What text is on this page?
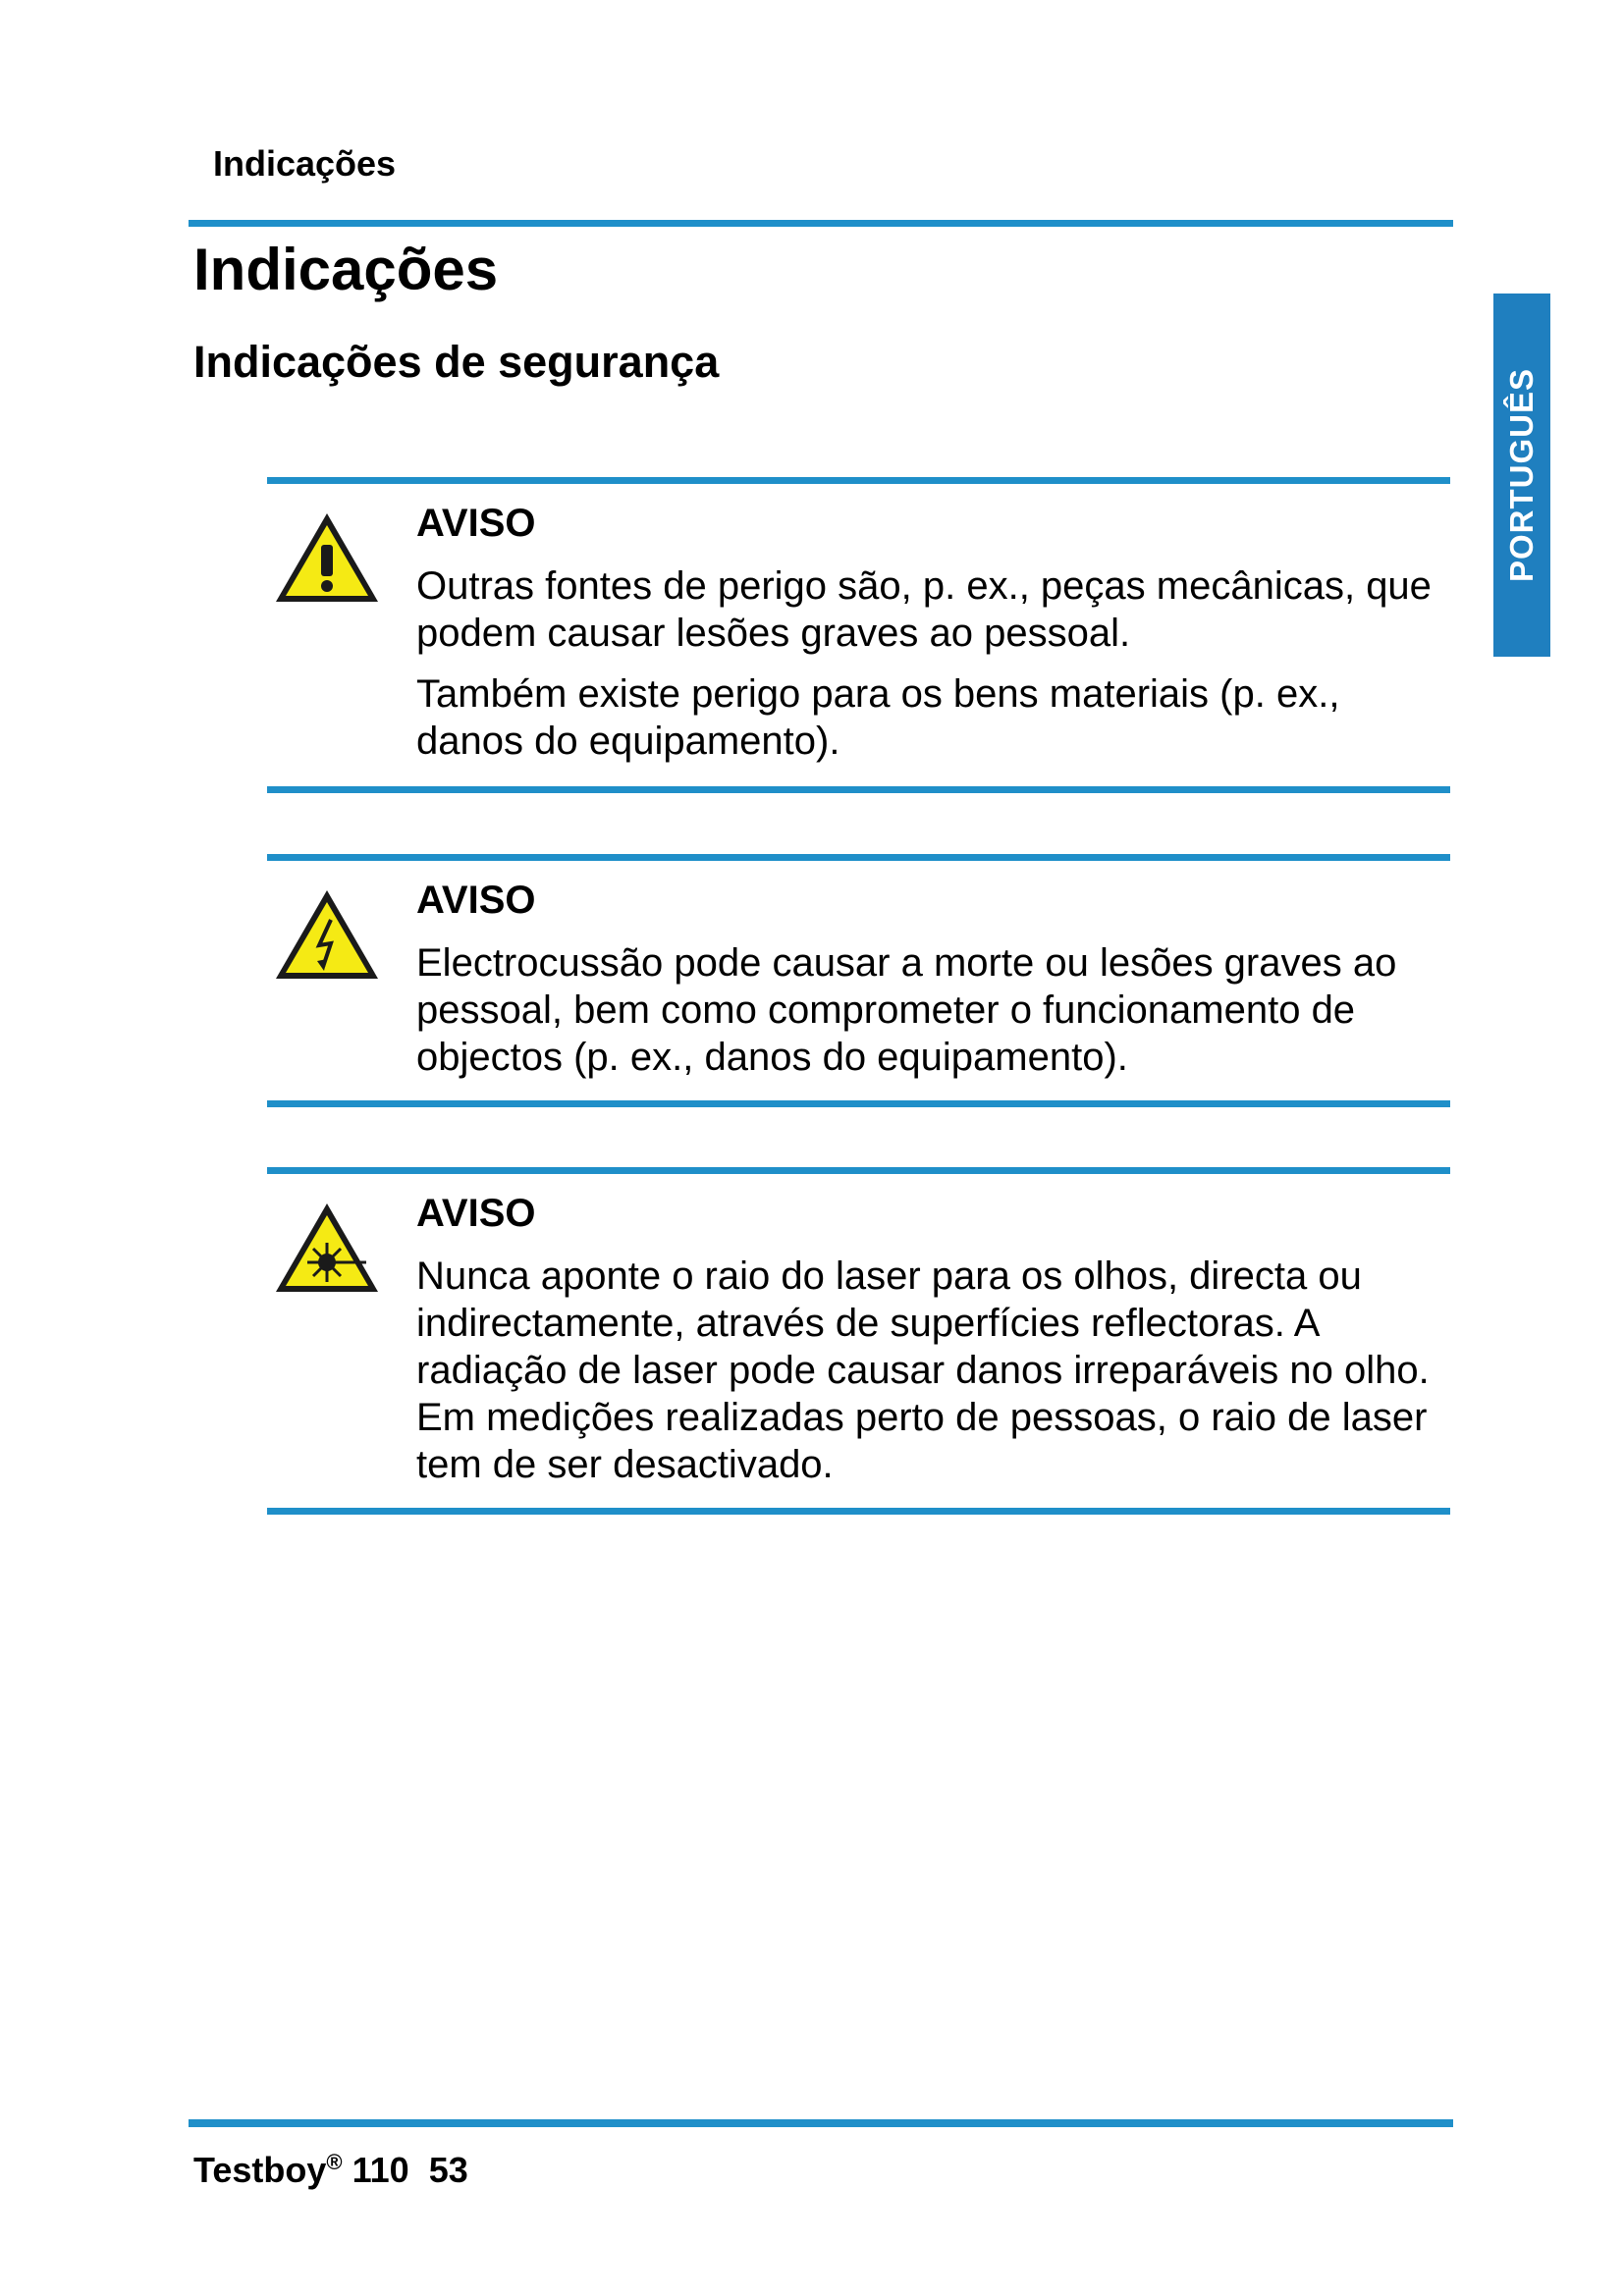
Indicações
Indicações
Indicações de segurança
PORTUGUÊS
AVISO

Outras fontes de perigo são, p. ex., peças mecânicas, que podem causar lesões graves ao pessoal.

Também existe perigo para os bens materiais (p. ex., danos do equipamento).

AVISO

Electrocussão pode causar a morte ou lesões graves ao pessoal, bem como comprometer o funcionamento de objectos (p. ex., danos do equipamento).

AVISO

Nunca aponte o raio do laser para os olhos, directa ou indirectamente, através de superfícies reflectoras. A radiação de laser pode causar danos irreparáveis no olho. Em medições realizadas perto de pessoas, o raio de laser tem de ser desactivado.

Testboy® 110 53
